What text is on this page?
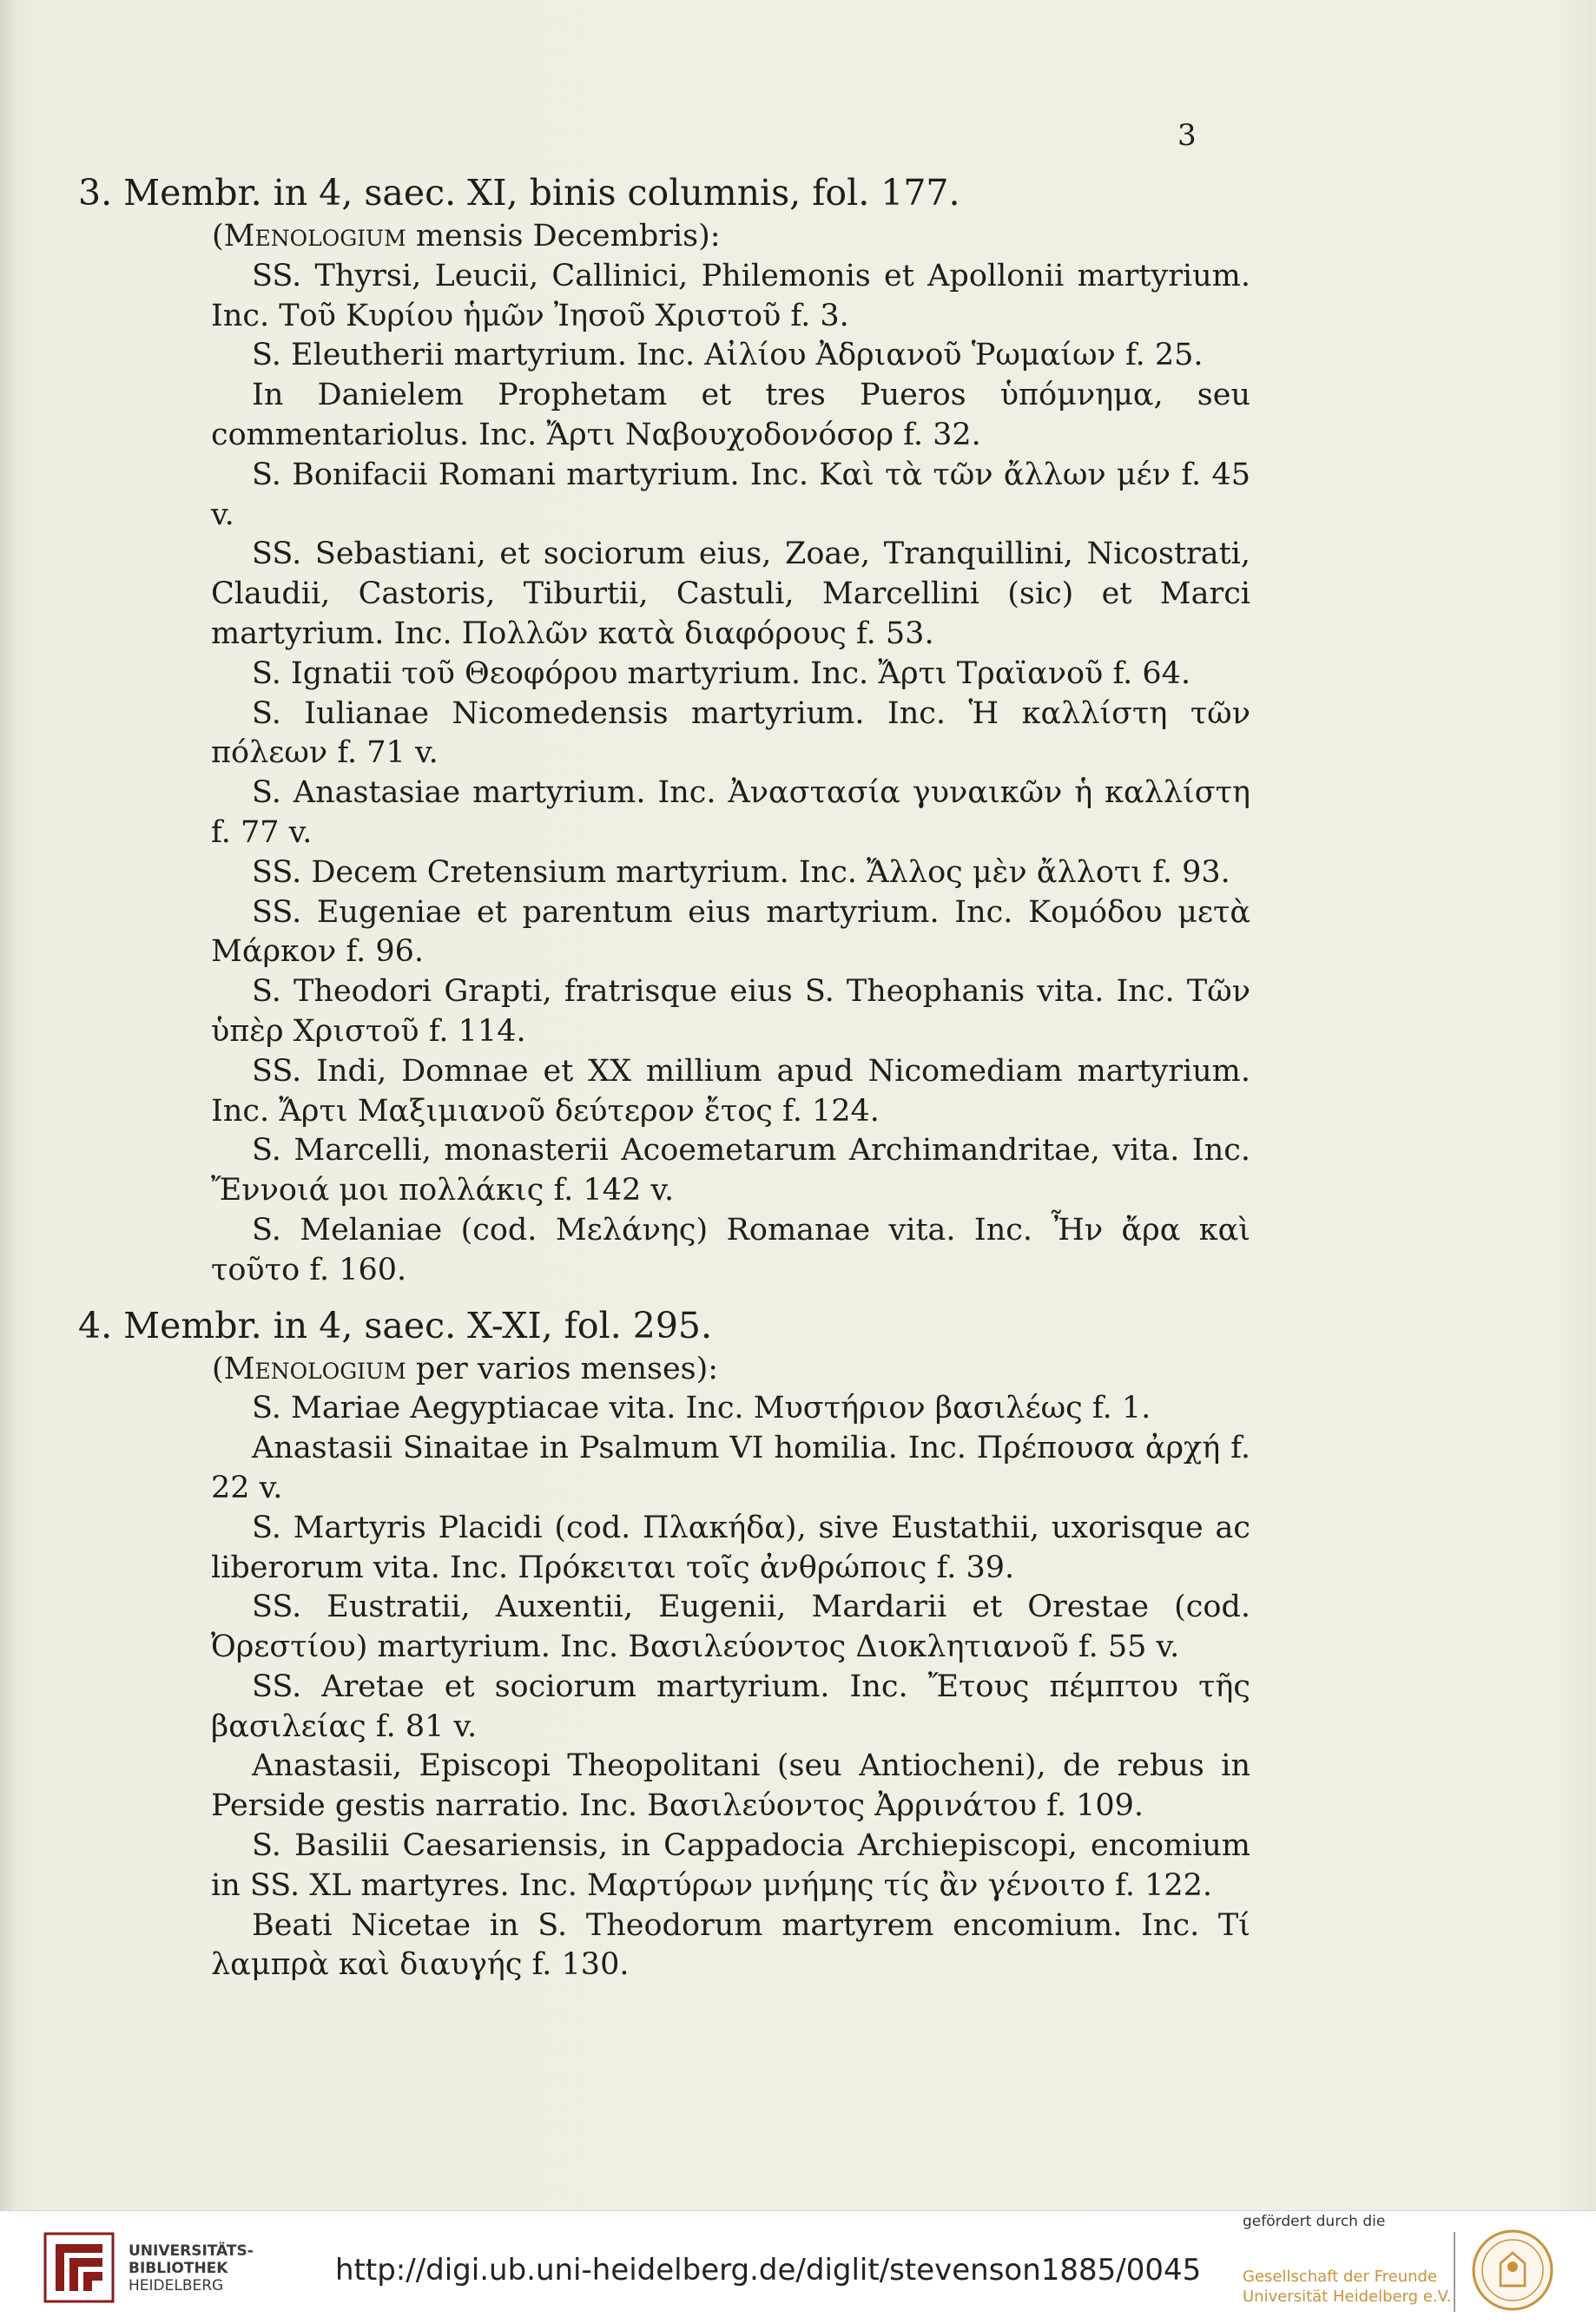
3
3. Membr. in 4, saec. XI, binis columnis, fol. 177.
(Menologium mensis Decembris):
SS. Thyrsi, Leucii, Callinici, Philemonis et Apollonii martyrium. Inc. Τοῦ Κυρίου ἡμῶν Ἰησοῦ Χριστοῦ f. 3.
S. Eleutherii martyrium. Inc. Αἰλίου Ἀδριανοῦ Ῥωμαίων f. 25.
In Danielem Prophetam et tres Pueros ὑπόμνημα, seu commentariolus. Inc. Ἄρτι Ναβουχοδονόσορ f. 32.
S. Bonifacii Romani martyrium. Inc. Καὶ τὰ τῶν ἄλλων μέν f. 45 v.
SS. Sebastiani, et sociorum eius, Zoae, Tranquillini, Nicostrati, Claudii, Castoris, Tiburtii, Castuli, Marcellini (sic) et Marci martyrium. Inc. Πολλῶν κατὰ διαφόρους f. 53.
S. Ignatii τοῦ Θεοφόρου martyrium. Inc. Ἄρτι Τραϊανοῦ f. 64.
S. Iulianae Nicomedensis martyrium. Inc. Ἡ καλλίστη τῶν πόλεων f. 71 v.
S. Anastasiae martyrium. Inc. Ἀναστασία γυναικῶν ἡ καλλίστη f. 77 v.
SS. Decem Cretensium martyrium. Inc. Ἄλλος μὲν ἄλλοτι f. 93.
SS. Eugeniae et parentum eius martyrium. Inc. Κομόδου μετὰ Μάρκον f. 96.
S. Theodori Grapti, fratrisque eius S. Theophanis vita. Inc. Τῶν ὑπὲρ Χριστοῦ f. 114.
SS. Indi, Domnae et XX millium apud Nicomediam martyrium. Inc. Ἄρτι Μαξιμιανοῦ δεύτερον ἔτος f. 124.
S. Marcelli, monasterii Acoemetarum Archimandritae, vita. Inc. Ἔννοιά μοι πολλάκις f. 142 v.
S. Melaniae (cod. Μελάνης) Romanae vita. Inc. Ἦν ἄρα καὶ τοῦτο f. 160.
4. Membr. in 4, saec. X-XI, fol. 295.
(Menologium per varios menses):
S. Mariae Aegyptiacae vita. Inc. Μυστήριον βασιλέως f. 1.
Anastasii Sinaitae in Psalmum VI homilia. Inc. Πρέπουσα ἀρχή f. 22 v.
S. Martyris Placidi (cod. Πλακήδα), sive Eustathii, uxorisque ac liberorum vita. Inc. Πρόκειται τοῖς ἀνθρώποις f. 39.
SS. Eustratii, Auxentii, Eugenii, Mardarii et Orestae (cod. Ὀρεστίου) martyrium. Inc. Βασιλεύοντος Διοκλητιανοῦ f. 55 v.
SS. Aretae et sociorum martyrium. Inc. Ἔτους πέμπτου τῆς βασιλείας f. 81 v.
Anastasii, Episcopi Theopolitani (seu Antiocheni), de rebus in Perside gestis narratio. Inc. Βασιλεύοντος Ἀρρινάτου f. 109.
S. Basilii Caesariensis, in Cappadocia Archiepiscopi, encomium in SS. XL martyres. Inc. Μαρτύρων μνήμης τίς ἂν γένοιτο f. 122.
Beati Nicetae in S. Theodorum martyrem encomium. Inc. Τί λαμπρὰ καὶ διαυγής f. 130.
UNIVERSITÄTS-
BIBLIOTHEK
HEIDELBERG	http://digi.ub.uni-heidelberg.de/diglit/stevenson1885/0045
gefördert durch die
Gesellschaft der Freunde
Universität Heidelberg e.V.
